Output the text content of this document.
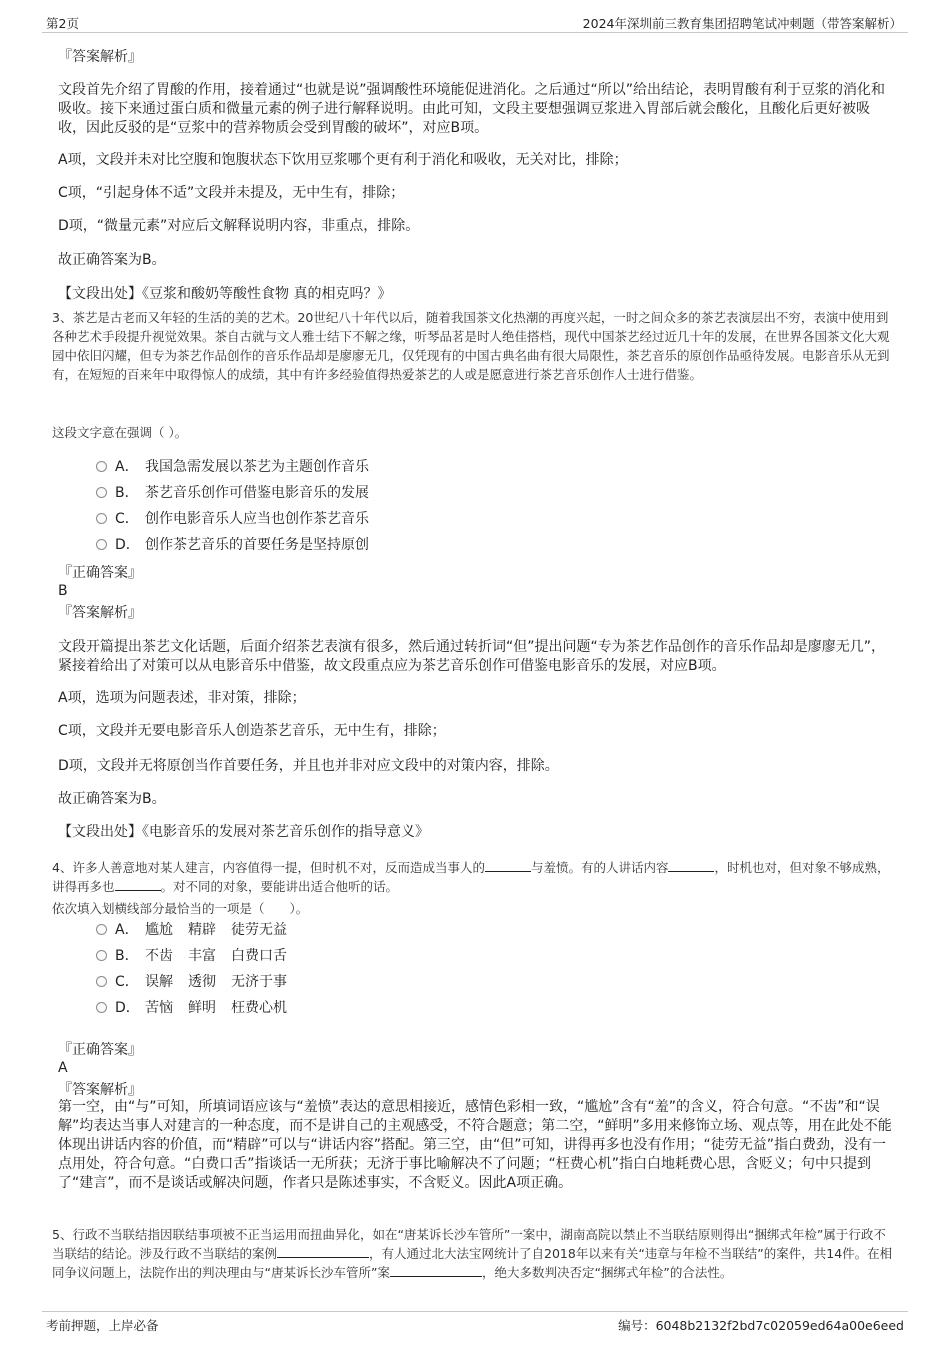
第2页	2024年深圳前三教育集团招聘笔试冲刺题（带答案解析）
『答案解析』

文段首先介绍了胃酸的作用，接着通过“也就是说”强调酸性环境能促进消化。之后通过“所以”给出结论，表明胃酸有利于豆浆的消化和吸收。接下来通过蛋白质和微量元素的例子进行解释说明。由此可知，文段主要想强调豆浆进入胃部后就会酸化，且酸化后更好被吸收，因此反驳的是“豆浆中的营养物质会受到胃酸的破坏”，对应B项。

A项，文段并未对比空腹和饱腹状态下饮用豆浆哪个更有利于消化和吸收，无关对比，排除；

C项，“引起身体不适”文段并未提及，无中生有，排除；

D项，“微量元素”对应后文解释说明内容，非重点，排除。

故正确答案为B。

【文段出处】《豆浆和酸奶等酸性食物 真的相克吗？》

3、茶艺是古老而又年轻的生活的美的艺术。20世纪八十年代以后，随着我国茶文化热潮的再度兴起，一时之间众多的茶艺表演层出不穷，表演中使用到各种艺术手段提升视觉效果。茶自古就与文人雅士结下不解之缘，听琴品茗是时人绝佳搭档，现代中国茶艺经过近几十年的发展，在世界各国茶文化大观园中依旧闪耀，但专为茶艺作品创作的音乐作品却是廖廖无几，仅凭现有的中国古典名曲有很大局限性，茶艺音乐的原创作品亟待发展。电影音乐从无到有，在短短的百来年中取得惊人的成绩，其中有许多经验值得热爱茶艺的人或是愿意进行茶艺音乐创作人士进行借鉴。

这段文字意在强调（ ）。

A． 我国急需发展以茶艺为主题创作音乐
B． 茶艺音乐创作可借鉴电影音乐的发展
C． 创作电影音乐人应当也创作茶艺音乐
D． 创作茶艺音乐的首要任务是坚持原创
『正确答案』
B
『答案解析』

文段开篇提出茶艺文化话题，后面介绍茶艺表演有很多，然后通过转折词“但”提出问题“专为茶艺作品创作的音乐作品却是廖廖无几”，紧接着给出了对策可以从电影音乐中借鉴，故文段重点应为茶艺音乐创作可借鉴电影音乐的发展，对应B项。

A项，选项为问题表述，非对策，排除；

C项，文段并无要电影音乐人创造茶艺音乐，无中生有，排除；

D项，文段并无将原创当作首要任务，并且也并非对应文段中的对策内容，排除。

故正确答案为B。

【文段出处】《电影音乐的发展对茶艺音乐创作的指导意义》

4、许多人善意地对某人建言，内容值得一提，但时机不对，反而造成当事人的	与羞愤。有的人讲话内容	，时机也对，但对象不够成熟，讲得再多也	。对不同的对象，要能讲出适合他听的话。

依次填入划横线部分最恰当的一项是（　　）。

A． 尴尬 精辟 徒劳无益
B． 不齿 丰富 白费口舌
C． 误解 透彻 无济于事
D． 苦恼 鲜明 枉费心机
『正确答案』
A
『答案解析』

第一空，由“与”可知，所填词语应该与“羞愤”表达的意思相接近，感情色彩相一致，“尴尬”含有“羞”的含义，符合句意。“不齿”和“误解”均表达当事人对建言的一种态度，而不是讲自己的主观感受，不符合题意；第二空，“鲜明”多用来修饰立场、观点等，用在此处不能体现出讲话内容的价值，而“精辟”可以与“讲话内容”搭配。第三空，由“但”可知，讲得再多也没有作用；“徒劳无益”指白费劲，没有一点用处，符合句意。“白费口舌”指谈话一无所获；无济于事比喻解决不了问题；“枉费心机”指白白地耗费心思，含贬义；句中只提到了“建言”，而不是谈话或解决问题，作者只是陈述事实，不含贬义。因此A项正确。

5、行政不当联结指因联结事项被不正当运用而扭曲异化，如在“唐某诉长沙车管所”一案中，湖南高院以禁止不当联结原则得出“捆绑式年检”属于行政不当联结的结论。涉及行政不当联结的案例	，有人通过北大法宝网统计了自2018年以来有关“违章与年检不当联结”的案件，共14件。在相同争议问题上，法院作出的判决理由与“唐某诉长沙车管所”案	，绝大多数判决否定“捆绑式年检”的合法性。

考前押题，上岸必备	编号：6048b2132f2bd7c02059ed64a00e6eed
